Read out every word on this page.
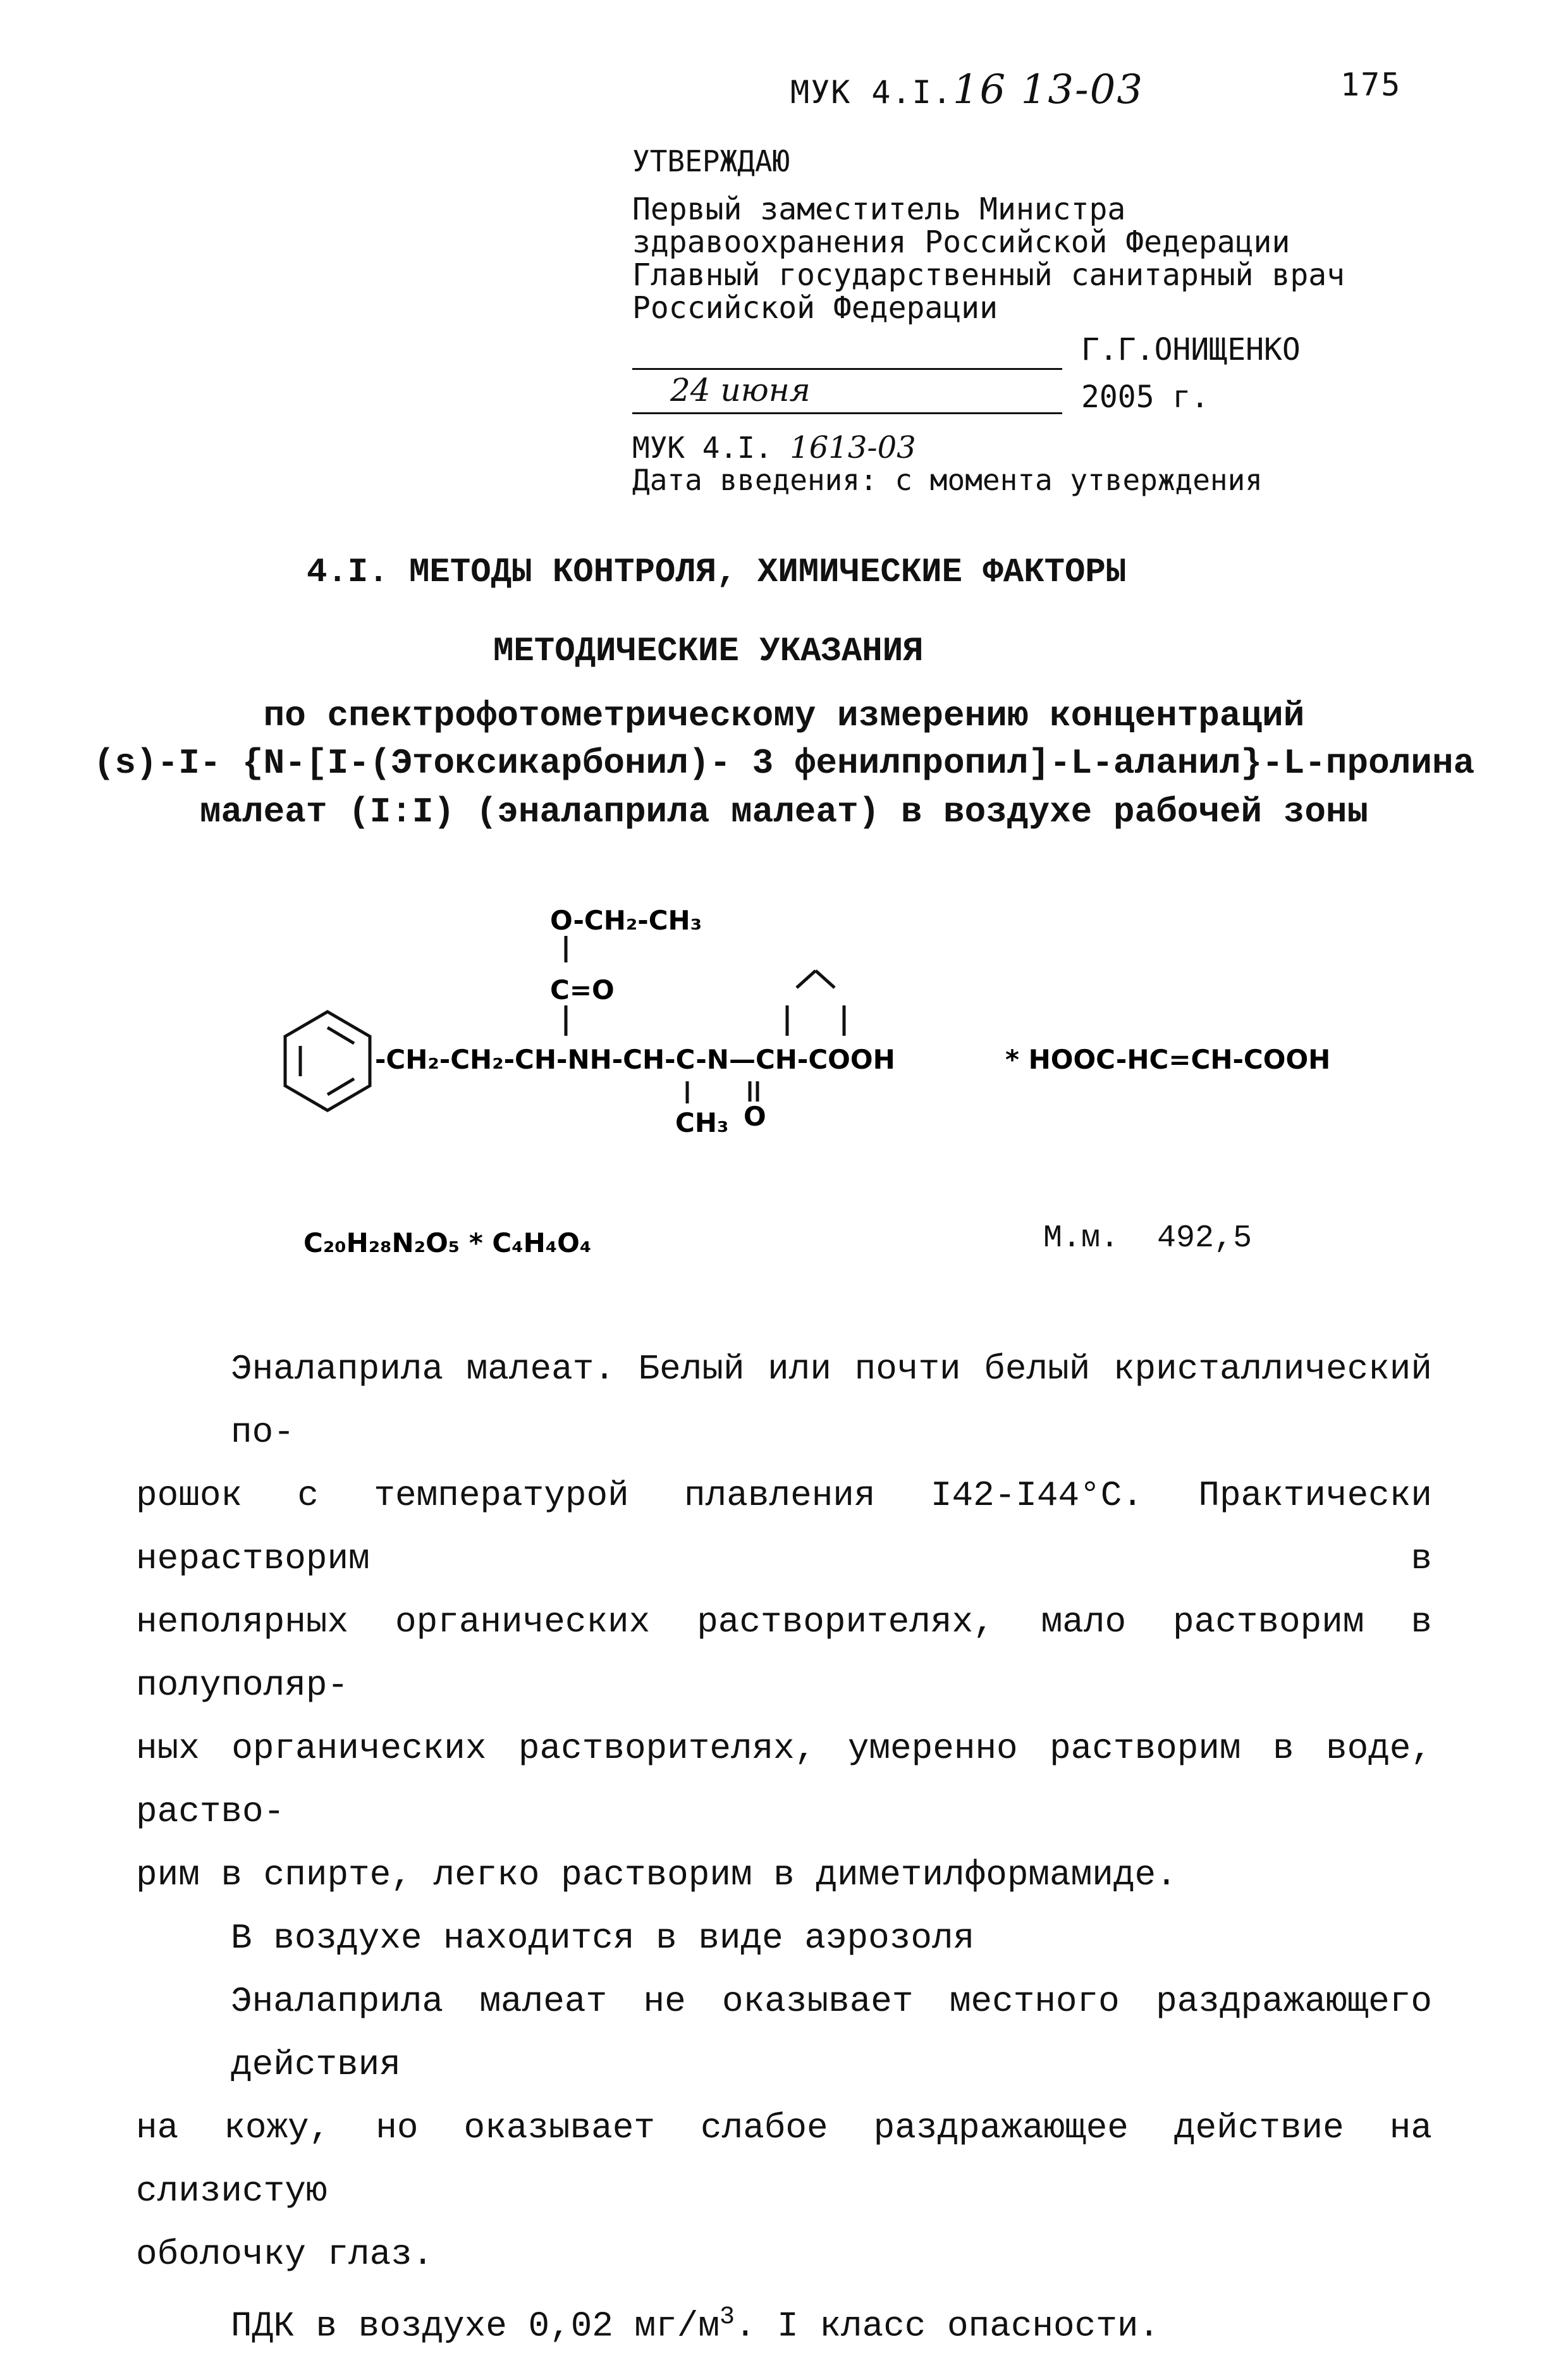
МУК 4.I.16 13-03	175
УТВЕРЖДАЮ

Первый заместитель Министра

здравоохранения Российской Федерации

Главный государственный санитарный врач

Российской Федерации

Г.Г.ОНИЩЕНКО
24 июня	2005 г.
МУК 4.I. 1613-03
Дата введения: с момента утверждения
4.I. МЕТОДЫ КОНТРОЛЯ, ХИМИЧЕСКИЕ ФАКТОРЫ
МЕТОДИЧЕСКИЕ УКАЗАНИЯ
по спектрофотометрическому измерению концентраций
(s)-I- {N-[I-(Этоксикарбонил)- 3 фенилпропил]-L-аланил}-L-пролина
малеат (I:I) (эналаприла малеат) в воздухе рабочей зоны
O-CH₂-CH₃
C=O
-CH₂-CH₂-CH-NH-CH-C-N—CH-COOH
CH₃ O
* HOOC-HC=CH-COOH
C₂₀H₂₈N₂O₅ * C₄H₄O₄	М.м. 492,5
Эналаприла малеат. Белый или почти белый кристаллический по-
рошок с температурой плавления I42-I44°С. Практически нерастворим в
неполярных органических растворителях, мало растворим в полуполяр-
ных органических растворителях, умеренно растворим в воде, раство-
рим в спирте, легко растворим в диметилформамиде.
В воздухе находится в виде аэрозоля
Эналаприла малеат не оказывает местного раздражающего действия
на кожу, но оказывает слабое раздражающее действие на слизистую
оболочку глаз.
ПДК в воздухе 0,02 $мг/м^3$. I класс опасности.
